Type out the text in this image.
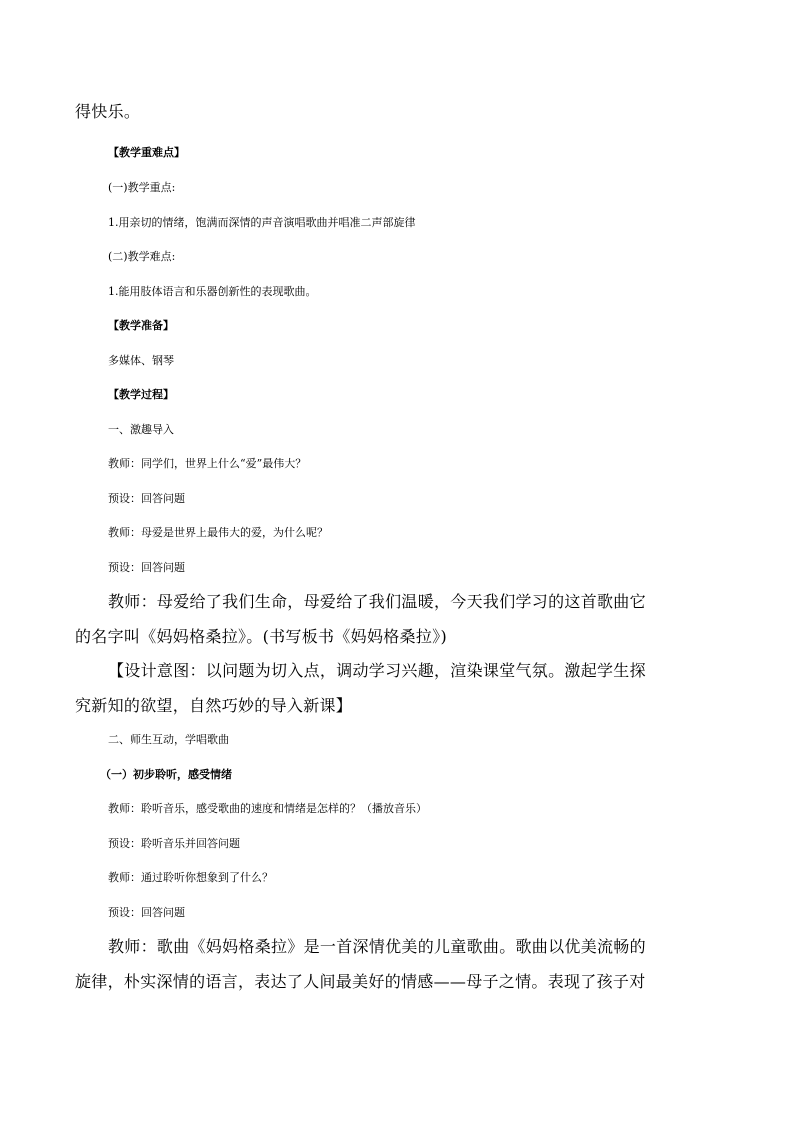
得快乐。
【教学重难点】
(一)教学重点:
1.用亲切的情绪，饱满而深情的声音演唱歌曲并唱准二声部旋律
(二)教学难点:
1.能用肢体语言和乐器创新性的表现歌曲。
【教学准备】
多媒体、钢琴
【教学过程】
一、激趣导入
教师：同学们，世界上什么“爱”最伟大？
预设：回答问题
教师：母爱是世界上最伟大的爱，为什么呢？
预设：回答问题
教师：母爱给了我们生命，母爱给了我们温暖，今天我们学习的这首歌曲它
的名字叫《妈妈格桑拉》。(书写板书《妈妈格桑拉》)
【设计意图：以问题为切入点，调动学习兴趣，渲染课堂气氛。激起学生探
究新知的欲望，自然巧妙的导入新课】
二、师生互动，学唱歌曲
（一）初步聆听，感受情绪
教师：聆听音乐，感受歌曲的速度和情绪是怎样的？（播放音乐）
预设：聆听音乐并回答问题
教师：通过聆听你想象到了什么？
预设：回答问题
教师：歌曲《妈妈格桑拉》是一首深情优美的儿童歌曲。歌曲以优美流畅的
旋律，朴实深情的语言，表达了人间最美好的情感——母子之情。表现了孩子对
